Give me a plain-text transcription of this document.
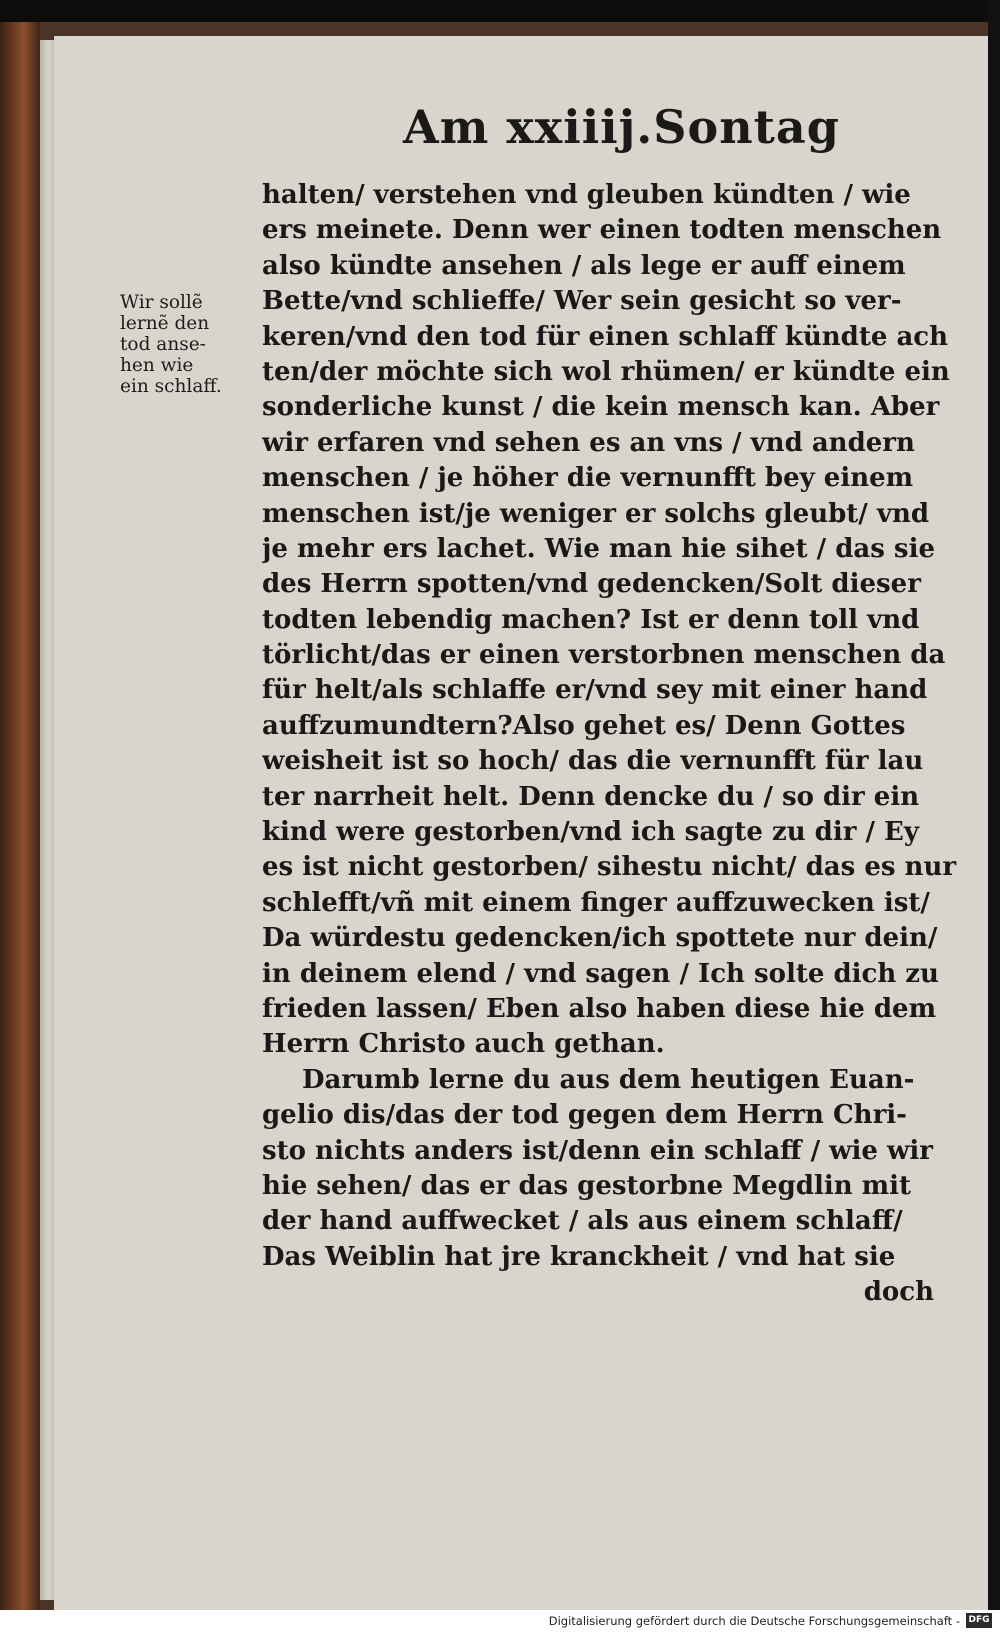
Am xxiiij.Sontag
Wir sollẽ
lernẽ den
tod anse-
hen wie
ein schlaff.
halten/ verstehen vnd gleuben kündten / wie
ers meinete. Denn wer einen todten menschen
also kündte ansehen / als lege er auff einem
Bette/vnd schlieffe/ Wer sein gesicht so ver-
keren/vnd den tod für einen schlaff kündte ach
ten/der möchte sich wol rhümen/ er kündte ein
sonderliche kunst / die kein mensch kan. Aber
wir erfaren vnd sehen es an vns / vnd andern
menschen / je höher die vernunfft bey einem
menschen ist/je weniger er solchs gleubt/ vnd
je mehr ers lachet. Wie man hie sihet / das sie
des Herrn spotten/vnd gedencken/Solt dieser
todten lebendig machen? Ist er denn toll vnd
törlicht/das er einen verstorbnen menschen da
für helt/als schlaffe er/vnd sey mit einer hand
auffzumundtern?Also gehet es/ Denn Gottes
weisheit ist so hoch/ das die vernunfft für lau
ter narrheit helt. Denn dencke du / so dir ein
kind were gestorben/vnd ich sagte zu dir / Ey
es ist nicht gestorben/ sihestu nicht/ das es nur
schlefft/vñ mit einem finger auffzuwecken ist/
Da würdestu gedencken/ich spottete nur dein/
in deinem elend / vnd sagen / Ich solte dich zu
frieden lassen/ Eben also haben diese hie dem
Herrn Christo auch gethan.
Darumb lerne du aus dem heutigen Euan-
gelio dis/das der tod gegen dem Herrn Chri-
sto nichts anders ist/denn ein schlaff / wie wir
hie sehen/ das er das gestorbne Megdlin mit
der hand auffwecket / als aus einem schlaff/
Das Weiblin hat jre kranckheit / vnd hat sie
doch
Digitalisierung gefördert durch die Deutsche Forschungsgemeinschaft - DFG
